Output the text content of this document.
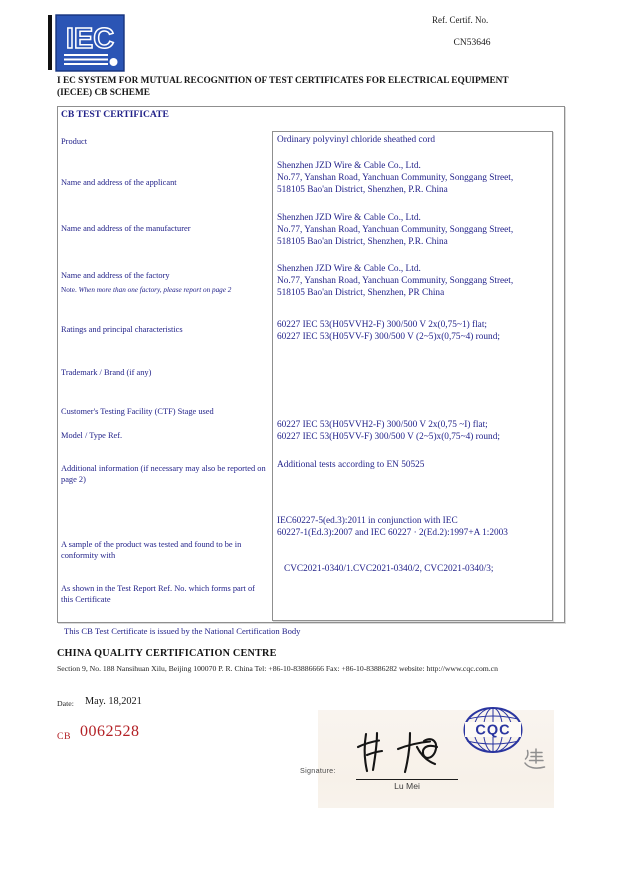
IEC
Ref. Certif. No.
CN53646
I EC SYSTEM FOR MUTUAL RECOGNITION OF TEST CERTIFICATES FOR ELECTRICAL EQUIPMENT
(IECEE) CB SCHEME
CB TEST CERTIFICATE
Product
Name and address of the applicant
Name and address of the manufacturer
Name and address of the factory
Note. When more than one factory, please report on page 2
Ratings and principal characteristics
Trademark / Brand (if any)
Customer's Testing Facility (CTF) Stage used
Model / Type Ref.
Additional information (if necessary may also be reported on page 2)
A sample of the product was tested and found to be in conformity with
As shown in the Test Report Ref. No. which forms part of this Certificate
Ordinary polyvinyl chloride sheathed cord
Shenzhen JZD Wire & Cable Co., Ltd.
No.77, Yanshan Road, Yanchuan Community, Songgang Street,
518105 Bao'an District, Shenzhen, P.R. China
Shenzhen JZD Wire & Cable Co., Ltd.
No.77, Yanshan Road, Yanchuan Community, Songgang Street,
518105 Bao'an District, Shenzhen, P.R. China
Shenzhen JZD Wire & Cable Co., Ltd.
No.77, Yanshan Road, Yanchuan Community, Songgang Street,
518105 Bao'an District, Shenzhen, PR China
60227 IEC 53(H05VVH2-F) 300/500 V 2x(0,75~1) flat;
60227 IEC 53(H05VV-F) 300/500 V (2~5)x(0,75~4) round;
60227 IEC 53(H05VVH2-F) 300/500 V 2x(0,75 ~I) flat;
60227 IEC 53(H05VV-F) 300/500 V (2~5)x(0,75~4) round;
Additional tests according to EN 50525
IEC60227-5(ed.3):2011 in conjunction with IEC
60227-1(Ed.3):2007 and IEC 60227 · 2(Ed.2):1997+A 1:2003
CVC2021-0340/1.CVC2021-0340/2, CVC2021-0340/3;
This CB Test Certificate is issued by the National Certification Body
CHINA QUALITY CERTIFICATION CENTRE
Section 9, No. 188 Nansihuan Xilu, Beijing 100070 P. R. China Tel: +86-10-83886666 Fax: +86-10-83886282 website: http://www.cqc.com.cn
Date: May. 18,2021
CB 0062528	CQC
Signature:
Lu Mei
